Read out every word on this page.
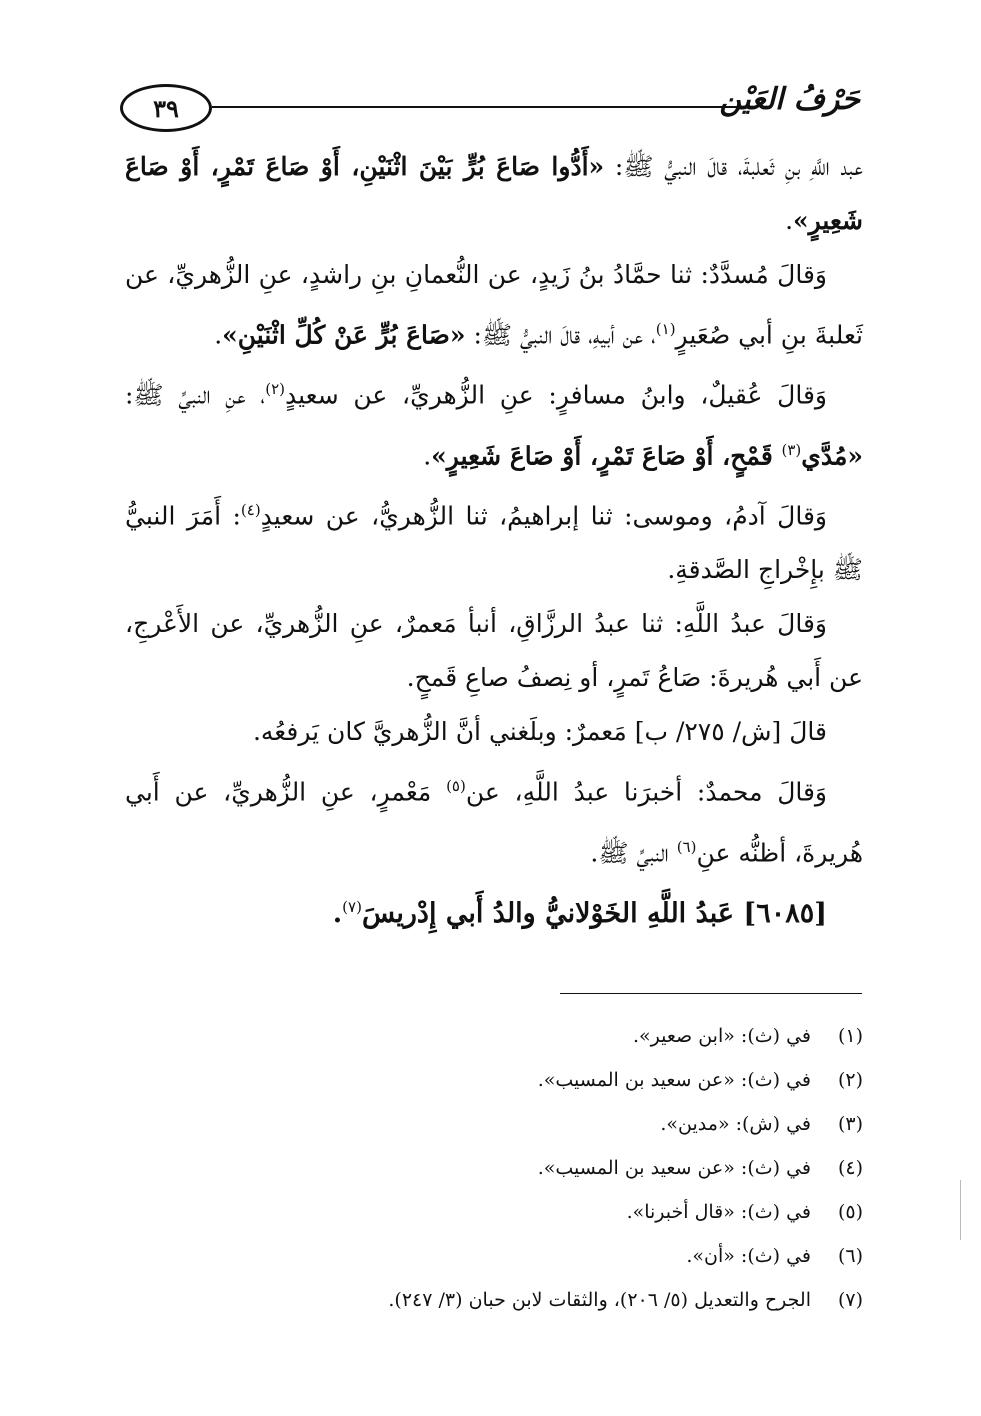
٣٩	حَرْفُ العَيْن

عبد اللَّهِ بنِ ثَعلبةَ، قالَ النبيُّ ﷺ: «أَدُّوا صَاعَ بُرٍّ بَيْنَ اثْنَيْنِ، أَوْ صَاعَ تَمْرٍ، أَوْ صَاعَ شَعِيرٍ».

وَقالَ مُسدَّدٌ: ثنا حمَّادُ بنُ زَيدٍ، عن النُّعمانِ بنِ راشدٍ، عنِ الزُّهريِّ، عن ثَعلبةَ بنِ أبي صُعَيرٍ$^{(١)}$، عن أبيهِ، قالَ النبيُّ ﷺ: «صَاعَ بُرٍّ عَنْ كُلِّ اثْنَيْنِ».

وَقالَ عُقيلٌ، وابنُ مسافرٍ: عنِ الزُّهريِّ، عن سعيدٍ$^{(٢)}$، عنِ النبيِّ ﷺ: «مُدَّي$^{(٣)}$ قَمْحٍ، أَوْ صَاعَ تَمْرٍ، أَوْ صَاعَ شَعِيرٍ».

وَقالَ آدمُ، وموسى: ثنا إبراهيمُ، ثنا الزُّهريُّ، عن سعيدٍ$^{(٤)}$: أَمَرَ النبيُّ ﷺ بإِخْراجِ الصَّدقةِ.

وَقالَ عبدُ اللَّهِ: ثنا عبدُ الرزَّاقِ، أنبأ مَعمرٌ، عنِ الزُّهريِّ، عن الأَعْرجِ، عن أَبي هُريرةَ: صَاعُ تَمرٍ، أو نِصفُ صاعِ قَمحٍ.

قالَ [ش/ ٢٧٥/ ب] مَعمرٌ: وبلَغني أنَّ الزُّهريَّ كان يَرفعُه.

وَقالَ محمدٌ: أخبرَنا عبدُ اللَّهِ، عن$^{(٥)}$ مَعْمرٍ، عنِ الزُّهريِّ، عن أَبي هُريرةَ، أظنُّه عنِ$^{(٦)}$ النبيِّ ﷺ.

[٦٠٨٥] عَبدُ اللَّهِ الخَوْلانيُّ والدُ أَبي إِدْريسَ$^{(٧)}$.

(١)في (ث): «ابن صعير».
(٢)في (ث): «عن سعيد بن المسيب».
(٣)في (ش): «مدين».
(٤)في (ث): «عن سعيد بن المسيب».
(٥)في (ث): «قال أخبرنا».
(٦)في (ث): «أن».
(٧)الجرح والتعديل (٥/ ٢٠٦)، والثقات لابن حبان (٣/ ٢٤٧).
